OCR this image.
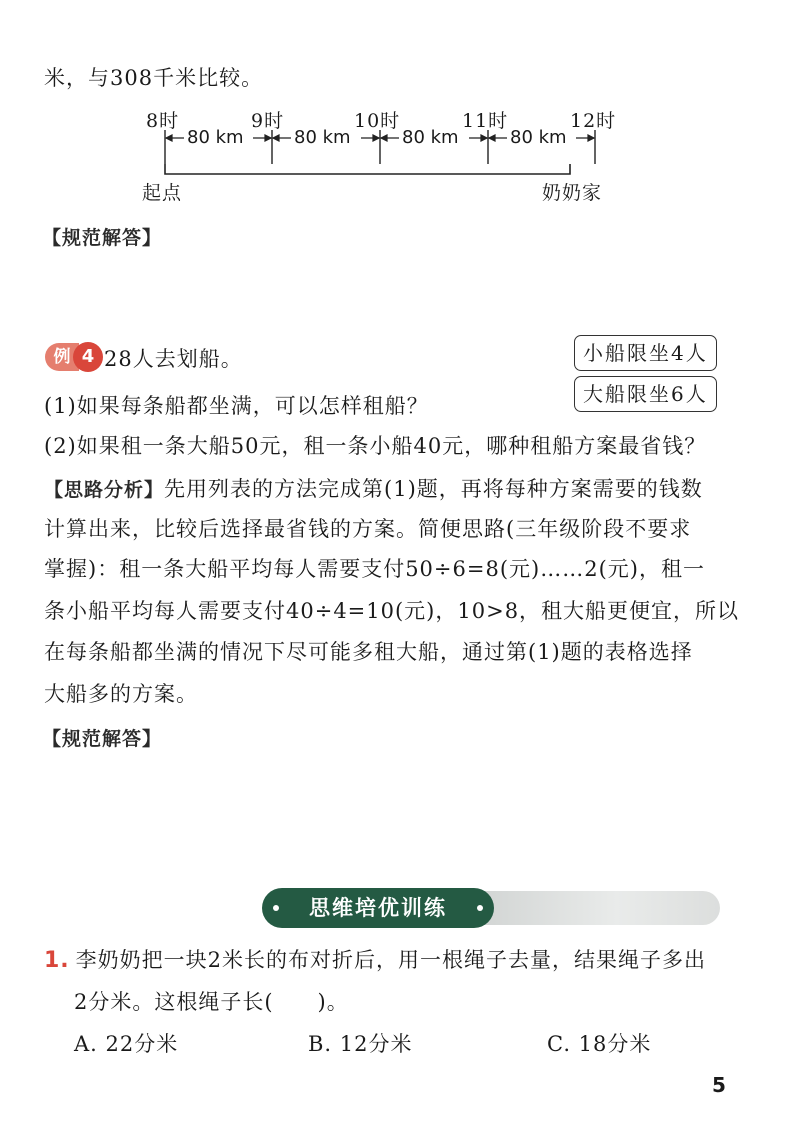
米，与308千米比较。
8时	9时	10时	11时	12时
80 km	80 km	80 km	80 km
起点	奶奶家
【规范解答】
例 4 28人去划船。	小船限坐4人
大船限坐6人
(1)如果每条船都坐满，可以怎样租船？
(2)如果租一条大船50元，租一条小船40元，哪种租船方案最省钱？
【思路分析】先用列表的方法完成第(1)题，再将每种方案需要的钱数
计算出来，比较后选择最省钱的方案。简便思路(三年级阶段不要求
掌握)：租一条大船平均每人需要支付50÷6=8(元)……2(元)，租一
条小船平均每人需要支付40÷4=10(元)，10>8，租大船更便宜，所以
在每条船都坐满的情况下尽可能多租大船，通过第(1)题的表格选择
大船多的方案。
【规范解答】
思维培优训练
1. 李奶奶把一块2米长的布对折后，用一根绳子去量，结果绳子多出
2分米。这根绳子长(　　)。
A. 22分米	B. 12分米	C. 18分米
5
